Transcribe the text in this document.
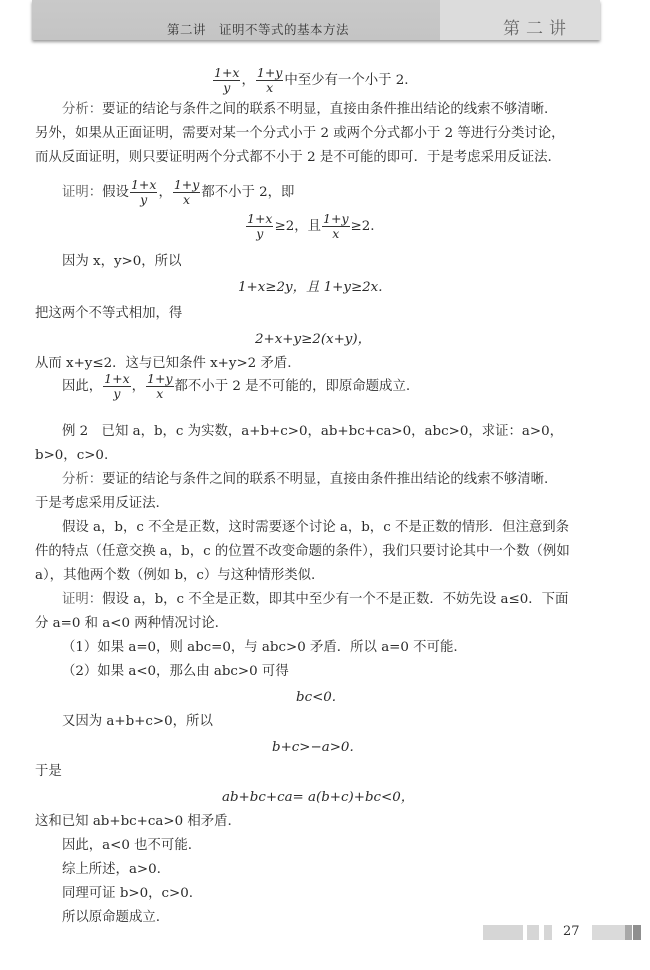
第二讲　证明不等式的基本方法	第二讲
$\frac{1+x}{y}$ ， $\frac{1+y}{x}$ 中至少有一个小于 2.
分析：要证的结论与条件之间的联系不明显，直接由条件推出结论的线索不够清晰.
另外，如果从正面证明，需要对某一个分式小于 2 或两个分式都小于 2 等进行分类讨论，
而从反面证明，则只要证明两个分式都不小于 2 是不可能的即可．于是考虑采用反证法.
证明：假设 $\frac{1+x}{y}$ ， $\frac{1+y}{x}$ 都不小于 2，即
$\frac{1+x}{y} \ge 2$，且 $\frac{1+y}{x} \ge 2$.
因为 x，y>0，所以
1+x≥2y，且 1+y≥2x.
把这两个不等式相加，得
2+x+y≥2(x+y)，
从而 x+y≤2．这与已知条件 x+y>2 矛盾.
因此， $\frac{1+x}{y}$ ， $\frac{1+y}{x}$ 都不小于 2 是不可能的，即原命题成立.
例 2　已知 a，b，c 为实数，a+b+c>0，ab+bc+ca>0，abc>0，求证：a>0，
b>0，c>0.
分析：要证的结论与条件之间的联系不明显，直接由条件推出结论的线索不够清晰.
于是考虑采用反证法.
假设 a，b，c 不全是正数，这时需要逐个讨论 a，b，c 不是正数的情形．但注意到条
件的特点（任意交换 a，b，c 的位置不改变命题的条件），我们只要讨论其中一个数（例如
a），其他两个数（例如 b，c）与这种情形类似.
证明：假设 a，b，c 不全是正数，即其中至少有一个不是正数．不妨先设 a≤0．下面
分 a=0 和 a<0 两种情况讨论.
（1）如果 a=0，则 abc=0，与 abc>0 矛盾．所以 a=0 不可能.
（2）如果 a<0，那么由 abc>0 可得
bc<0.
又因为 a+b+c>0，所以
b+c>−a>0.
于是
ab+bc+ca= a(b+c)+bc<0，
这和已知 ab+bc+ca>0 相矛盾.
因此，a<0 也不可能.
综上所述，a>0.
同理可证 b>0，c>0.
所以原命题成立.
27
